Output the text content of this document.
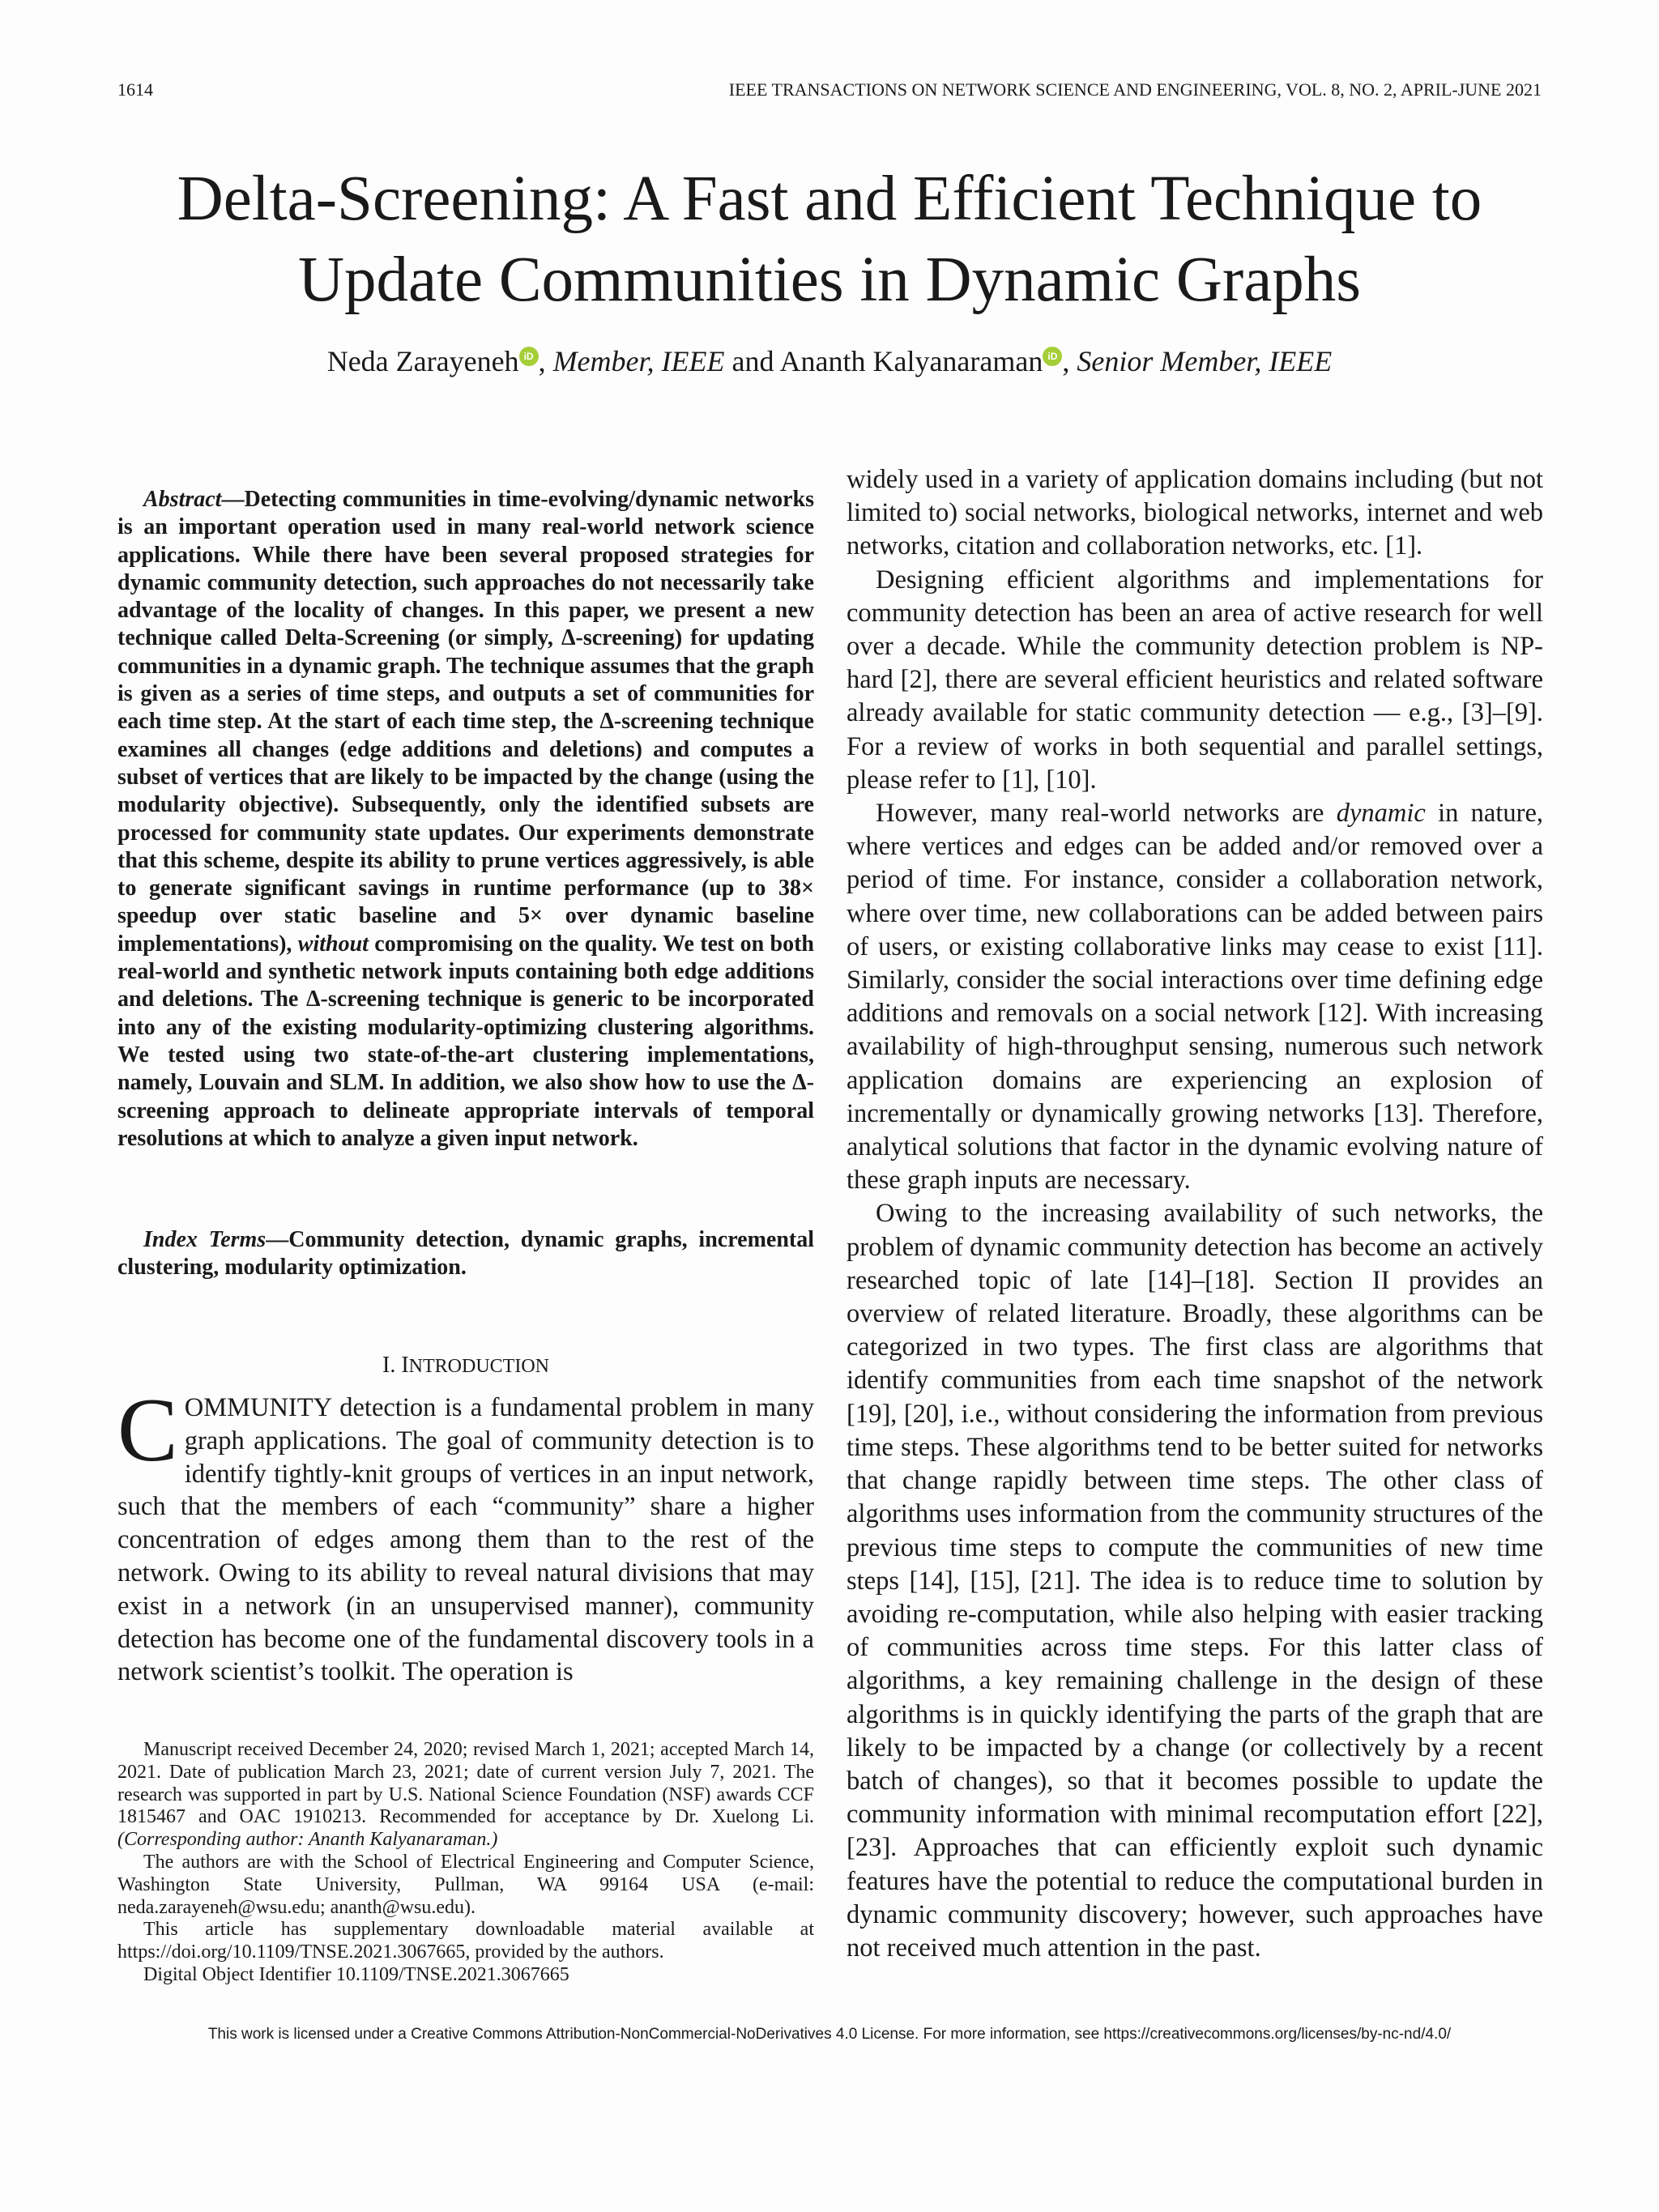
1614	IEEE TRANSACTIONS ON NETWORK SCIENCE AND ENGINEERING, VOL. 8, NO. 2, APRIL-JUNE 2021
Delta-Screening: A Fast and Efficient Technique to
Update Communities in Dynamic Graphs
Neda Zarayeneh iD , Member, IEEE and Ananth Kalyanaraman iD , Senior Member, IEEE

Abstract—Detecting communities in time-evolving/dynamic networks is an important operation used in many real-world network science applications. While there have been several proposed strategies for dynamic community detection, such approaches do not necessarily take advantage of the locality of changes. In this paper, we present a new technique called Delta-Screening (or simply, Δ-screening) for updating communities in a dynamic graph. The technique assumes that the graph is given as a series of time steps, and outputs a set of communities for each time step. At the start of each time step, the Δ-screening technique examines all changes (edge additions and deletions) and computes a subset of vertices that are likely to be impacted by the change (using the modularity objective). Subsequently, only the identified subsets are processed for community state updates. Our experiments demonstrate that this scheme, despite its ability to prune vertices aggressively, is able to generate significant savings in runtime performance (up to 38× speedup over static baseline and 5× over dynamic baseline implementations), without compromising on the quality. We test on both real-world and synthetic network inputs containing both edge additions and deletions. The Δ-screening technique is generic to be incorporated into any of the existing modularity-optimizing clustering algorithms. We tested using two state-of-the-art clustering implementations, namely, Louvain and SLM. In addition, we also show how to use the Δ-screening approach to delineate appropriate intervals of temporal resolutions at which to analyze a given input network.

Index Terms—Community detection, dynamic graphs, incremental clustering, modularity optimization.
I. INTRODUCTION
COMMUNITY detection is a fundamental problem in many graph applications. The goal of community detection is to identify tightly-knit groups of vertices in an input network, such that the members of each “community” share a higher concentration of edges among them than to the rest of the network. Owing to its ability to reveal natural divisions that may exist in a network (in an unsupervised manner), community detection has become one of the fundamental discovery tools in a network scientist’s toolkit. The operation is

Manuscript received December 24, 2020; revised March 1, 2021; accepted March 14, 2021. Date of publication March 23, 2021; date of current version July 7, 2021. The research was supported in part by U.S. National Science Foundation (NSF) awards CCF 1815467 and OAC 1910213. Recommended for acceptance by Dr. Xuelong Li. (Corresponding author: Ananth Kalyanaraman.)

The authors are with the School of Electrical Engineering and Computer Science, Washington State University, Pullman, WA 99164 USA (e-mail: neda.zarayeneh@wsu.edu; ananth@wsu.edu).

This article has supplementary downloadable material available at https://doi.org/10.1109/TNSE.2021.3067665, provided by the authors.

Digital Object Identifier 10.1109/TNSE.2021.3067665

widely used in a variety of application domains including (but not limited to) social networks, biological networks, internet and web networks, citation and collaboration networks, etc. [1].

Designing efficient algorithms and implementations for community detection has been an area of active research for well over a decade. While the community detection problem is NP-hard [2], there are several efficient heuristics and related software already available for static community detection — e.g., [3]–[9]. For a review of works in both sequential and parallel settings, please refer to [1], [10].

However, many real-world networks are dynamic in nature, where vertices and edges can be added and/or removed over a period of time. For instance, consider a collaboration network, where over time, new collaborations can be added between pairs of users, or existing collaborative links may cease to exist [11]. Similarly, consider the social interactions over time defining edge additions and removals on a social network [12]. With increasing availability of high-throughput sensing, numerous such network application domains are experiencing an explosion of incrementally or dynamically growing networks [13]. Therefore, analytical solutions that factor in the dynamic evolving nature of these graph inputs are necessary.

Owing to the increasing availability of such networks, the problem of dynamic community detection has become an actively researched topic of late [14]–[18]. Section II provides an overview of related literature. Broadly, these algorithms can be categorized in two types. The first class are algorithms that identify communities from each time snapshot of the network [19], [20], i.e., without considering the information from previous time steps. These algorithms tend to be better suited for networks that change rapidly between time steps. The other class of algorithms uses information from the community structures of the previous time steps to compute the communities of new time steps [14], [15], [21]. The idea is to reduce time to solution by avoiding re-computation, while also helping with easier tracking of communities across time steps. For this latter class of algorithms, a key remaining challenge in the design of these algorithms is in quickly identifying the parts of the graph that are likely to be impacted by a change (or collectively by a recent batch of changes), so that it becomes possible to update the community information with minimal recomputation effort [22], [23]. Approaches that can efficiently exploit such dynamic features have the potential to reduce the computational burden in dynamic community discovery; however, such approaches have not received much attention in the past.

This work is licensed under a Creative Commons Attribution-NonCommercial-NoDerivatives 4.0 License. For more information, see https://creativecommons.org/licenses/by-nc-nd/4.0/
